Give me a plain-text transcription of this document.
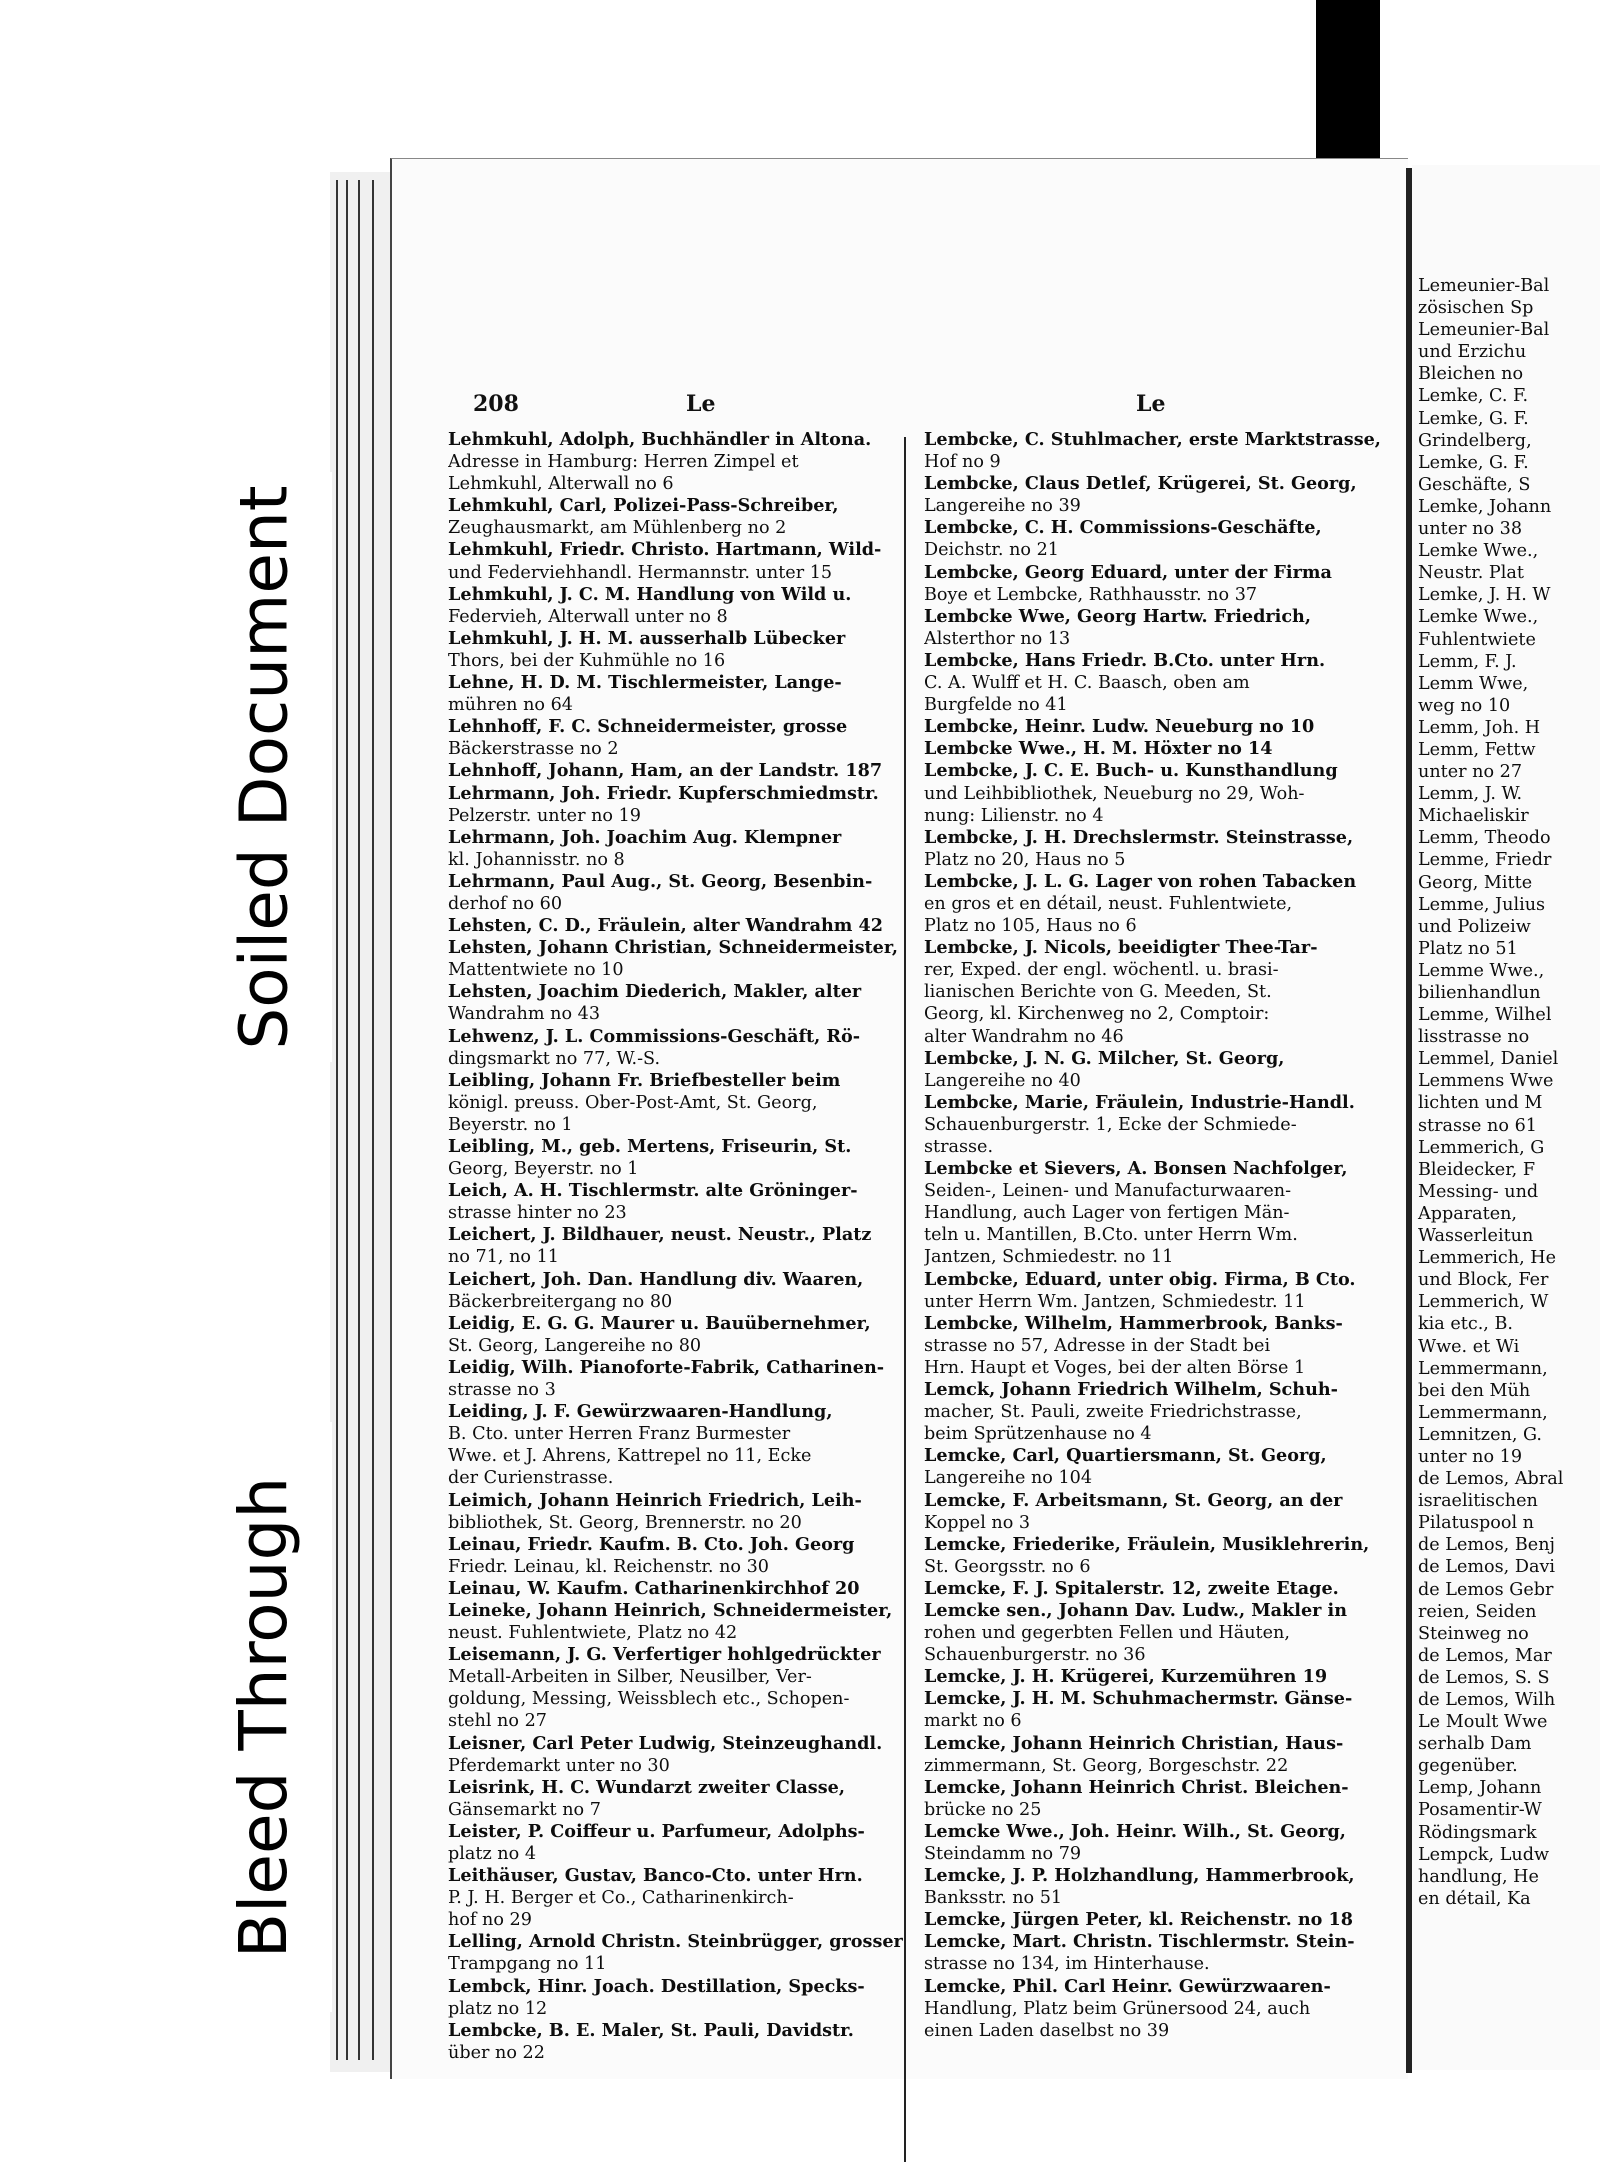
Soiled Document
Bleed Through
208	Le	Le
Lehmkuhl, Adolph, Buchhändler in Altona.
Adresse in Hamburg: Herren Zimpel et
Lehmkuhl, Alterwall no 6
Lehmkuhl, Carl, Polizei-Pass-Schreiber,
Zeughausmarkt, am Mühlenberg no 2
Lehmkuhl, Friedr. Christo. Hartmann, Wild-
und Federviehhandl. Hermannstr. unter 15
Lehmkuhl, J. C. M. Handlung von Wild u.
Federvieh, Alterwall unter no 8
Lehmkuhl, J. H. M. ausserhalb Lübecker
Thors, bei der Kuhmühle no 16
Lehne, H. D. M. Tischlermeister, Lange-
mühren no 64
Lehnhoff, F. C. Schneidermeister, grosse
Bäckerstrasse no 2
Lehnhoff, Johann, Ham, an der Landstr. 187
Lehrmann, Joh. Friedr. Kupferschmiedmstr.
Pelzerstr. unter no 19
Lehrmann, Joh. Joachim Aug. Klempner
kl. Johannisstr. no 8
Lehrmann, Paul Aug., St. Georg, Besenbin-
derhof no 60
Lehsten, C. D., Fräulein, alter Wandrahm 42
Lehsten, Johann Christian, Schneidermeister,
Mattentwiete no 10
Lehsten, Joachim Diederich, Makler, alter
Wandrahm no 43
Lehwenz, J. L. Commissions-Geschäft, Rö-
dingsmarkt no 77, W.-S.
Leibling, Johann Fr. Briefbesteller beim
königl. preuss. Ober-Post-Amt, St. Georg,
Beyerstr. no 1
Leibling, M., geb. Mertens, Friseurin, St.
Georg, Beyerstr. no 1
Leich, A. H. Tischlermstr. alte Gröninger-
strasse hinter no 23
Leichert, J. Bildhauer, neust. Neustr., Platz
no 71, no 11
Leichert, Joh. Dan. Handlung div. Waaren,
Bäckerbreitergang no 80
Leidig, E. G. G. Maurer u. Bauübernehmer,
St. Georg, Langereihe no 80
Leidig, Wilh. Pianoforte-Fabrik, Catharinen-
strasse no 3
Leiding, J. F. Gewürzwaaren-Handlung,
B. Cto. unter Herren Franz Burmester
Wwe. et J. Ahrens, Kattrepel no 11, Ecke
der Curienstrasse.
Leimich, Johann Heinrich Friedrich, Leih-
bibliothek, St. Georg, Brennerstr. no 20
Leinau, Friedr. Kaufm. B. Cto. Joh. Georg
Friedr. Leinau, kl. Reichenstr. no 30
Leinau, W. Kaufm. Catharinenkirchhof 20
Leineke, Johann Heinrich, Schneidermeister,
neust. Fuhlentwiete, Platz no 42
Leisemann, J. G. Verfertiger hohlgedrückter
Metall-Arbeiten in Silber, Neusilber, Ver-
goldung, Messing, Weissblech etc., Schopen-
stehl no 27
Leisner, Carl Peter Ludwig, Steinzeughandl.
Pferdemarkt unter no 30
Leisrink, H. C. Wundarzt zweiter Classe,
Gänsemarkt no 7
Leister, P. Coiffeur u. Parfumeur, Adolphs-
platz no 4
Leithäuser, Gustav, Banco-Cto. unter Hrn.
P. J. H. Berger et Co., Catharinenkirch-
hof no 29
Lelling, Arnold Christn. Steinbrügger, grosser
Trampgang no 11
Lembck, Hinr. Joach. Destillation, Specks-
platz no 12
Lembcke, B. E. Maler, St. Pauli, Davidstr.
über no 22
Lembcke, C. Stuhlmacher, erste Marktstrasse,
Hof no 9
Lembcke, Claus Detlef, Krügerei, St. Georg,
Langereihe no 39
Lembcke, C. H. Commissions-Geschäfte,
Deichstr. no 21
Lembcke, Georg Eduard, unter der Firma
Boye et Lembcke, Rathhausstr. no 37
Lembcke Wwe, Georg Hartw. Friedrich,
Alsterthor no 13
Lembcke, Hans Friedr. B.Cto. unter Hrn.
C. A. Wulff et H. C. Baasch, oben am
Burgfelde no 41
Lembcke, Heinr. Ludw. Neueburg no 10
Lembcke Wwe., H. M. Höxter no 14
Lembcke, J. C. E. Buch- u. Kunsthandlung
und Leihbibliothek, Neueburg no 29, Woh-
nung: Lilienstr. no 4
Lembcke, J. H. Drechslermstr. Steinstrasse,
Platz no 20, Haus no 5
Lembcke, J. L. G. Lager von rohen Tabacken
en gros et en détail, neust. Fuhlentwiete,
Platz no 105, Haus no 6
Lembcke, J. Nicols, beeidigter Thee-Tar-
rer, Exped. der engl. wöchentl. u. brasi-
lianischen Berichte von G. Meeden, St.
Georg, kl. Kirchenweg no 2, Comptoir:
alter Wandrahm no 46
Lembcke, J. N. G. Milcher, St. Georg,
Langereihe no 40
Lembcke, Marie, Fräulein, Industrie-Handl.
Schauenburgerstr. 1, Ecke der Schmiede-
strasse.
Lembcke et Sievers, A. Bonsen Nachfolger,
Seiden-, Leinen- und Manufacturwaaren-
Handlung, auch Lager von fertigen Män-
teln u. Mantillen, B.Cto. unter Herrn Wm.
Jantzen, Schmiedestr. no 11
Lembcke, Eduard, unter obig. Firma, B Cto.
unter Herrn Wm. Jantzen, Schmiedestr. 11
Lembcke, Wilhelm, Hammerbrook, Banks-
strasse no 57, Adresse in der Stadt bei
Hrn. Haupt et Voges, bei der alten Börse 1
Lemck, Johann Friedrich Wilhelm, Schuh-
macher, St. Pauli, zweite Friedrichstrasse,
beim Sprützenhause no 4
Lemcke, Carl, Quartiersmann, St. Georg,
Langereihe no 104
Lemcke, F. Arbeitsmann, St. Georg, an der
Koppel no 3
Lemcke, Friederike, Fräulein, Musiklehrerin,
St. Georgsstr. no 6
Lemcke, F. J. Spitalerstr. 12, zweite Etage.
Lemcke sen., Johann Dav. Ludw., Makler in
rohen und gegerbten Fellen und Häuten,
Schauenburgerstr. no 36
Lemcke, J. H. Krügerei, Kurzemühren 19
Lemcke, J. H. M. Schuhmachermstr. Gänse-
markt no 6
Lemcke, Johann Heinrich Christian, Haus-
zimmermann, St. Georg, Borgeschstr. 22
Lemcke, Johann Heinrich Christ. Bleichen-
brücke no 25
Lemcke Wwe., Joh. Heinr. Wilh., St. Georg,
Steindamm no 79
Lemcke, J. P. Holzhandlung, Hammerbrook,
Banksstr. no 51
Lemcke, Jürgen Peter, kl. Reichenstr. no 18
Lemcke, Mart. Christn. Tischlermstr. Stein-
strasse no 134, im Hinterhause.
Lemcke, Phil. Carl Heinr. Gewürzwaaren-
Handlung, Platz beim Grünersood 24, auch
einen Laden daselbst no 39
Lemeunier-Bal
zösischen Sp
Lemeunier-Bal
und Erzichu
Bleichen no
Lemke, C. F.
Lemke, G. F.
Grindelberg,
Lemke, G. F.
Geschäfte, S
Lemke, Johann
unter no 38
Lemke Wwe.,
Neustr. Plat
Lemke, J. H. W
Lemke Wwe.,
Fuhlentwiete
Lemm, F. J.
Lemm Wwe,
weg no 10
Lemm, Joh. H
Lemm, Fettw
unter no 27
Lemm, J. W.
Michaeliskir
Lemm, Theodo
Lemme, Friedr
Georg, Mitte
Lemme, Julius
und Polizeiw
Platz no 51
Lemme Wwe.,
bilienhandlun
Lemme, Wilhel
lisstrasse no
Lemmel, Daniel
Lemmens Wwe
lichten und M
strasse no 61
Lemmerich, G
Bleidecker, F
Messing- und
Apparaten,
Wasserleitun
Lemmerich, He
und Block, Fer
Lemmerich, W
kia etc., B.
Wwe. et Wi
Lemmermann,
bei den Müh
Lemmermann,
Lemnitzen, G.
unter no 19
de Lemos, Abral
israelitischen
Pilatuspool n
de Lemos, Benj
de Lemos, Davi
de Lemos Gebr
reien, Seiden
Steinweg no
de Lemos, Mar
de Lemos, S. S
de Lemos, Wilh
Le Moult Wwe
serhalb Dam
gegenüber.
Lemp, Johann
Posamentir-W
Rödingsmark
Lempck, Ludw
handlung, He
en détail, Ka
